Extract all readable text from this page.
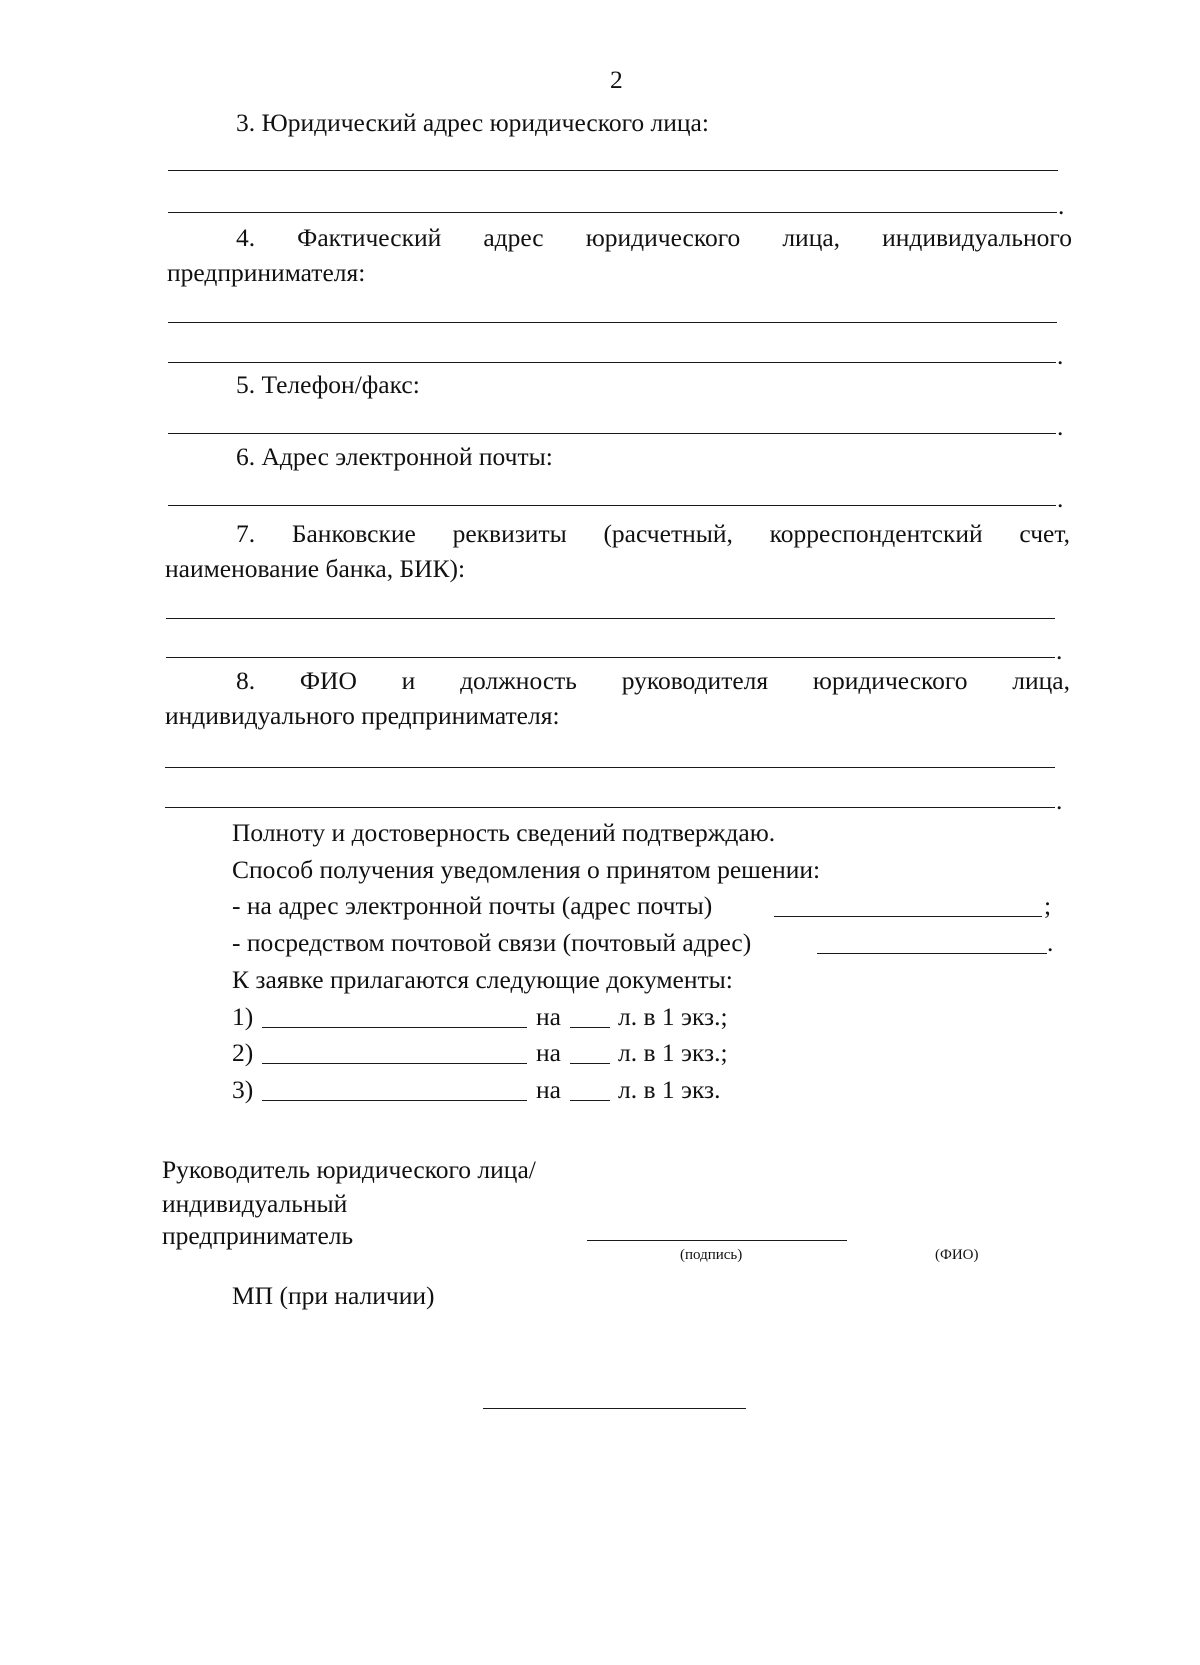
2
3. Юридический адрес юридического лица:
.
4. Фактический адрес юридического лица, индивидуального
предпринимателя:
.
5. Телефон/факс:
.
6. Адрес электронной почты:
.
7. Банковские реквизиты (расчетный, корреспондентский счет,
наименование банка, БИК):
.
8. ФИО и должность руководителя юридического лица,
индивидуального предпринимателя:
.
Полноту и достоверность сведений подтверждаю.
Способ получения уведомления о принятом решении:
- на адрес электронной почты (адрес почты)	;
- посредством почтовой связи (почтовый адрес)	.
К заявке прилагаются следующие документы:
1)	на л. в 1 экз.;
2)	на л. в 1 экз.;
3)	на л. в 1 экз.
Руководитель юридического лица/
индивидуальный
предприниматель
(подпись)	(ФИО)
МП (при наличии)
